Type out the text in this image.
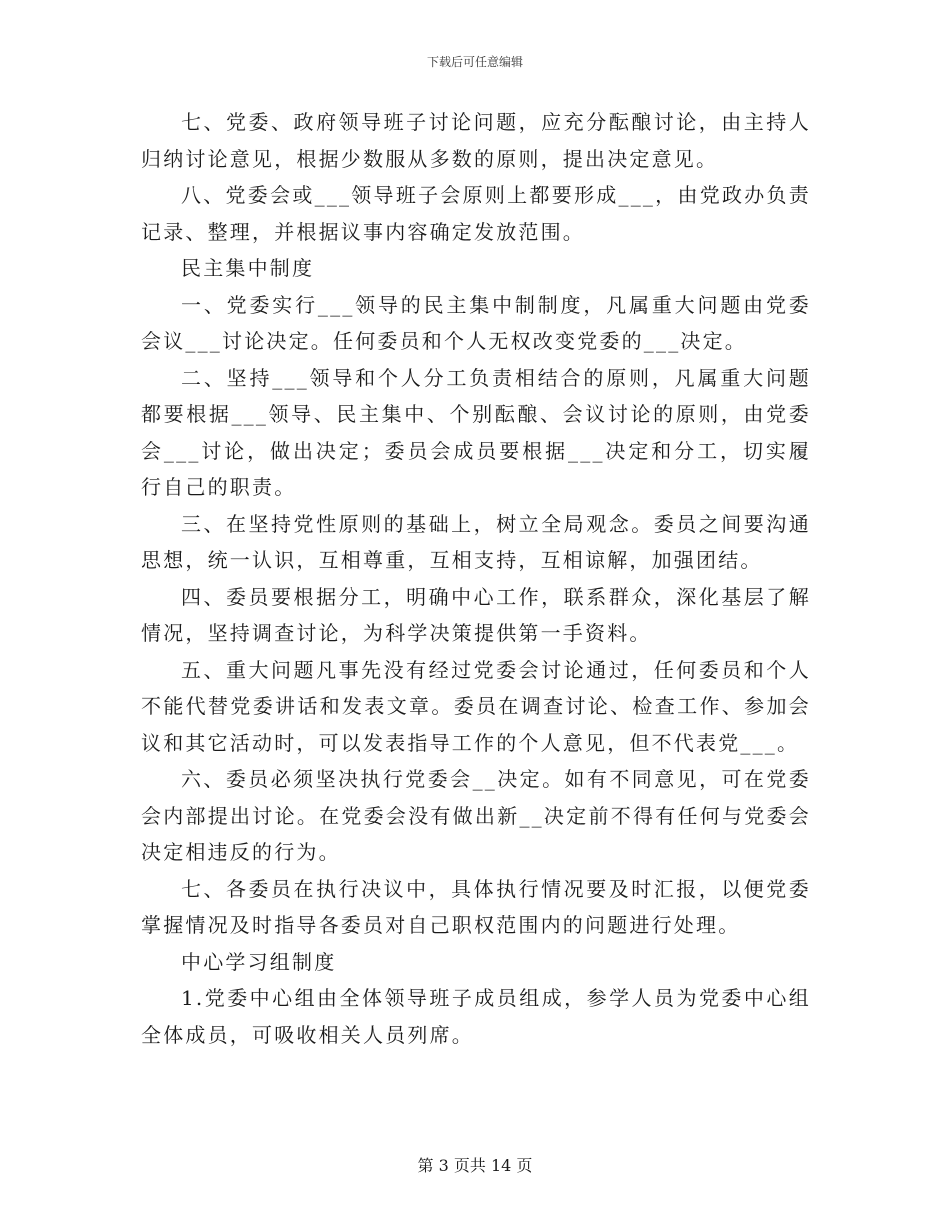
下载后可任意编辑

七、党委、政府领导班子讨论问题，应充分酝酿讨论，由主持人归纳讨论意见，根据少数服从多数的原则，提出决定意见。

八、党委会或___领导班子会原则上都要形成___，由党政办负责记录、整理，并根据议事内容确定发放范围。

民主集中制度

一、党委实行___领导的民主集中制制度，凡属重大问题由党委会议___讨论决定。任何委员和个人无权改变党委的___决定。

二、坚持___领导和个人分工负责相结合的原则，凡属重大问题都要根据___领导、民主集中、个别酝酿、会议讨论的原则，由党委会___讨论，做出决定；委员会成员要根据___决定和分工，切实履行自己的职责。

三、在坚持党性原则的基础上，树立全局观念。委员之间要沟通思想，统一认识，互相尊重，互相支持，互相谅解，加强团结。

四、委员要根据分工，明确中心工作，联系群众，深化基层了解情况，坚持调查讨论，为科学决策提供第一手资料。

五、重大问题凡事先没有经过党委会讨论通过，任何委员和个人不能代替党委讲话和发表文章。委员在调查讨论、检查工作、参加会议和其它活动时，可以发表指导工作的个人意见，但不代表党___。

六、委员必须坚决执行党委会__决定。如有不同意见，可在党委会内部提出讨论。在党委会没有做出新__决定前不得有任何与党委会决定相违反的行为。

七、各委员在执行决议中，具体执行情况要及时汇报，以便党委掌握情况及时指导各委员对自己职权范围内的问题进行处理。

中心学习组制度

1.党委中心组由全体领导班子成员组成，参学人员为党委中心组全体成员，可吸收相关人员列席。

第 3 页共 14 页
